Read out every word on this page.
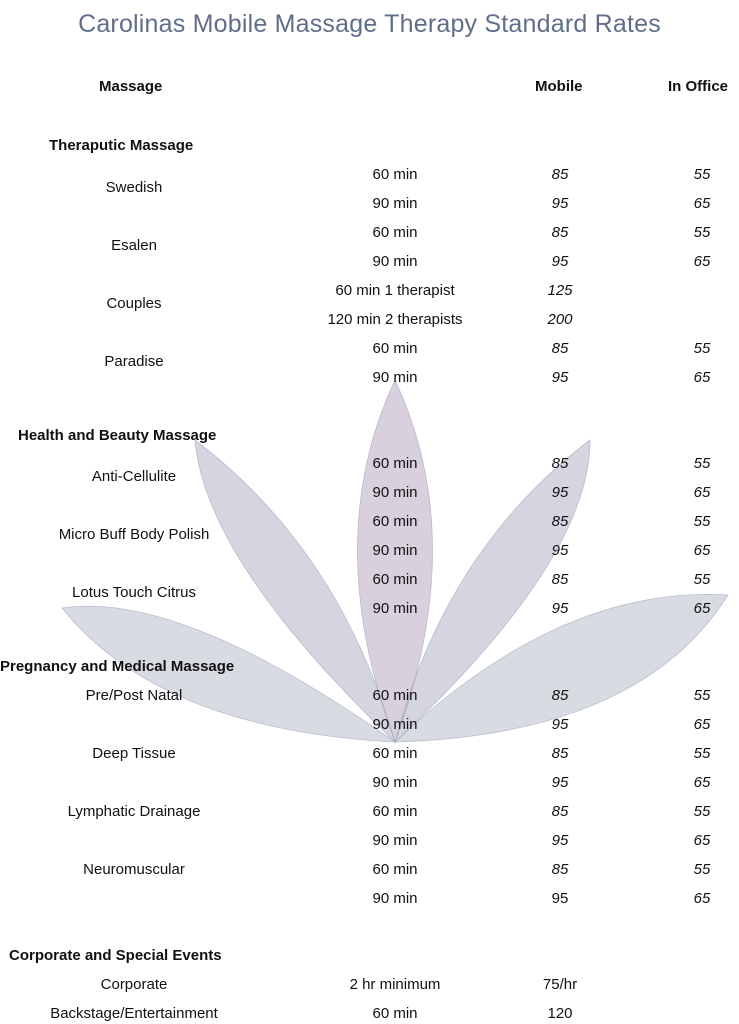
Carolinas Mobile Massage Therapy Standard Rates
Massage	Mobile	In Office
Theraputic Massage
Swedish
60 min	85	55
90 min	95	65
Esalen
60 min	85	55
90 min	95	65
Couples
60 min 1 therapist	125
120 min 2 therapists	200
Paradise
60 min	85	55
90 min	95	65
Health and Beauty Massage
Anti-Cellulite
60 min	85	55
90 min	95	65
Micro Buff Body Polish
60 min	85	55
90 min	95	65
Lotus Touch Citrus
60 min	85	55
90 min	95	65
Pregnancy and Medical Massage
Pre/Post Natal	60 min	85	55
90 min	95	65
Deep Tissue	60 min	85	55
90 min	95	65
Lymphatic Drainage	60 min	85	55
90 min	95	65
Neuromuscular	60 min	85	55
90 min	95	65
Corporate and Special Events
Corporate	2 hr minimum	75/hr
Backstage/Entertainment	60 min	120
